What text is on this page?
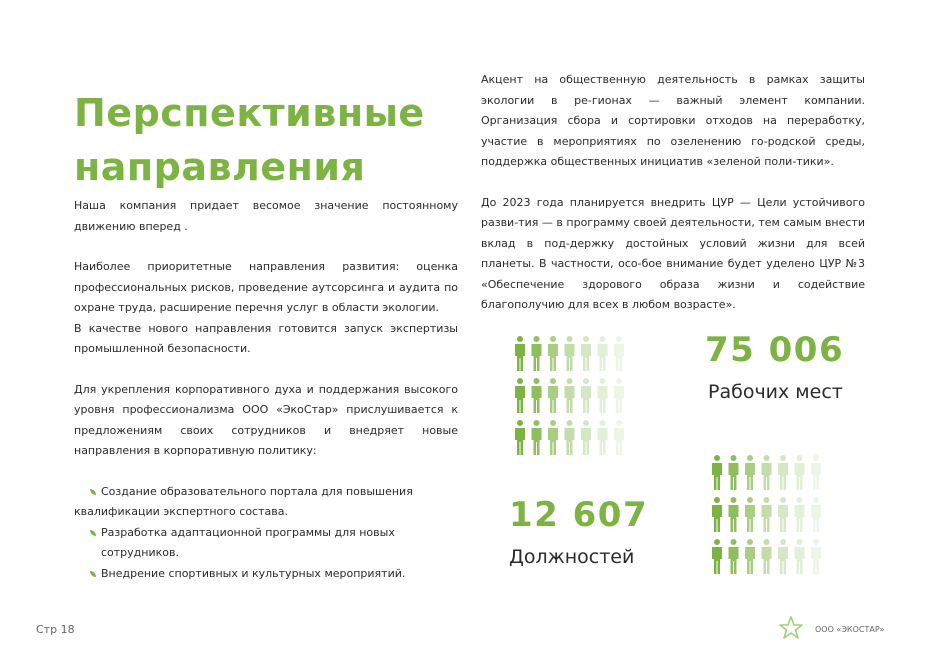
Перспективные направления

Наша компания придает весомое значение постоянному движению вперед .

Наиболее приоритетные направления развития: оценка профессиональных рисков, проведение аутсорсинга и аудита по охране труда, расширение перечня услуг в области экологии.

В качестве нового направления готовится запуск экспертизы промышленной безопасности.

Для укрепления корпоративного духа и поддержания высокого уровня профессионализма ООО «ЭкоСтар» прислушивается к предложениям своих сотрудников и внедряет новые направления в корпоративную политику:

Создание образовательного портала для повышения квалификации экспертного состава.
Разработка адаптационной программы для новых сотрудников.
Внедрение спортивных и культурных мероприятий.

Акцент на общественную деятельность в рамках защиты экологии в ре-гионах — важный элемент компании. Организация сбора и сортировки отходов на переработку, участие в мероприятиях по озеленению го-родской среды, поддержка общественных инициатив «зеленой поли-тики».

До 2023 года планируется внедрить ЦУР — Цели устойчивого разви-тия — в программу своей деятельности, тем самым внести вклад в под-держку достойных условий жизни для всей планеты. В частности, осо-бое внимание будет уделено ЦУР №3 «Обеспечение здорового образа жизни и содействие благополучию для всех в любом возрасте».

75 006
Рабочих мест
12 607
Должностей
Стр 18	ООО «ЭКОСТАР»
